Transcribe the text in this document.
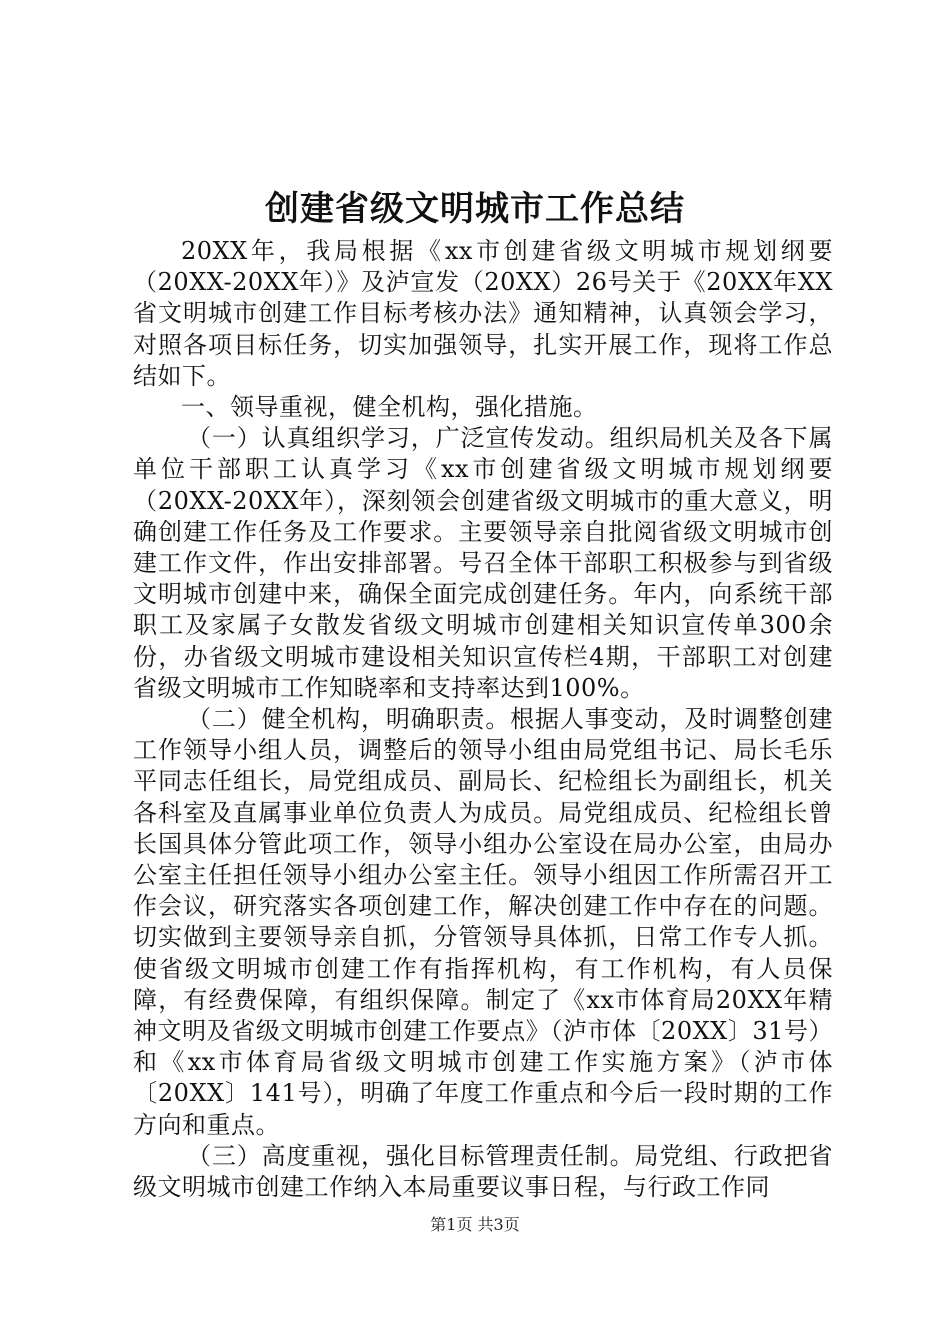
创建省级文明城市工作总结

20XX年，我局根据《xx市创建省级文明城市规划纲要（20XX-20XX年）》及泸宣发（20XX）26号关于《20XX年XX省文明城市创建工作目标考核办法》通知精神，认真领会学习，对照各项目标任务，切实加强领导，扎实开展工作，现将工作总结如下。

一、领导重视，健全机构，强化措施。

（一）认真组织学习，广泛宣传发动。组织局机关及各下属单位干部职工认真学习《xx市创建省级文明城市规划纲要（20XX-20XX年），深刻领会创建省级文明城市的重大意义，明确创建工作任务及工作要求。主要领导亲自批阅省级文明城市创建工作文件，作出安排部署。号召全体干部职工积极参与到省级文明城市创建中来，确保全面完成创建任务。年内，向系统干部职工及家属子女散发省级文明城市创建相关知识宣传单300余份，办省级文明城市建设相关知识宣传栏4期，干部职工对创建省级文明城市工作知晓率和支持率达到100%。

（二）健全机构，明确职责。根据人事变动，及时调整创建工作领导小组人员，调整后的领导小组由局党组书记、局长毛乐平同志任组长，局党组成员、副局长、纪检组长为副组长，机关各科室及直属事业单位负责人为成员。局党组成员、纪检组长曾长国具体分管此项工作，领导小组办公室设在局办公室，由局办公室主任担任领导小组办公室主任。领导小组因工作所需召开工作会议，研究落实各项创建工作，解决创建工作中存在的问题。切实做到主要领导亲自抓，分管领导具体抓，日常工作专人抓。使省级文明城市创建工作有指挥机构，有工作机构，有人员保障，有经费保障，有组织保障。制定了《xx市体育局20XX年精神文明及省级文明城市创建工作要点》（泸市体〔20XX〕31号）和《xx市体育局省级文明城市创建工作实施方案》（泸市体〔20XX〕141号），明确了年度工作重点和今后一段时期的工作方向和重点。

（三）高度重视，强化目标管理责任制。局党组、行政把省级文明城市创建工作纳入本局重要议事日程，与行政工作同

第1页 共3页
